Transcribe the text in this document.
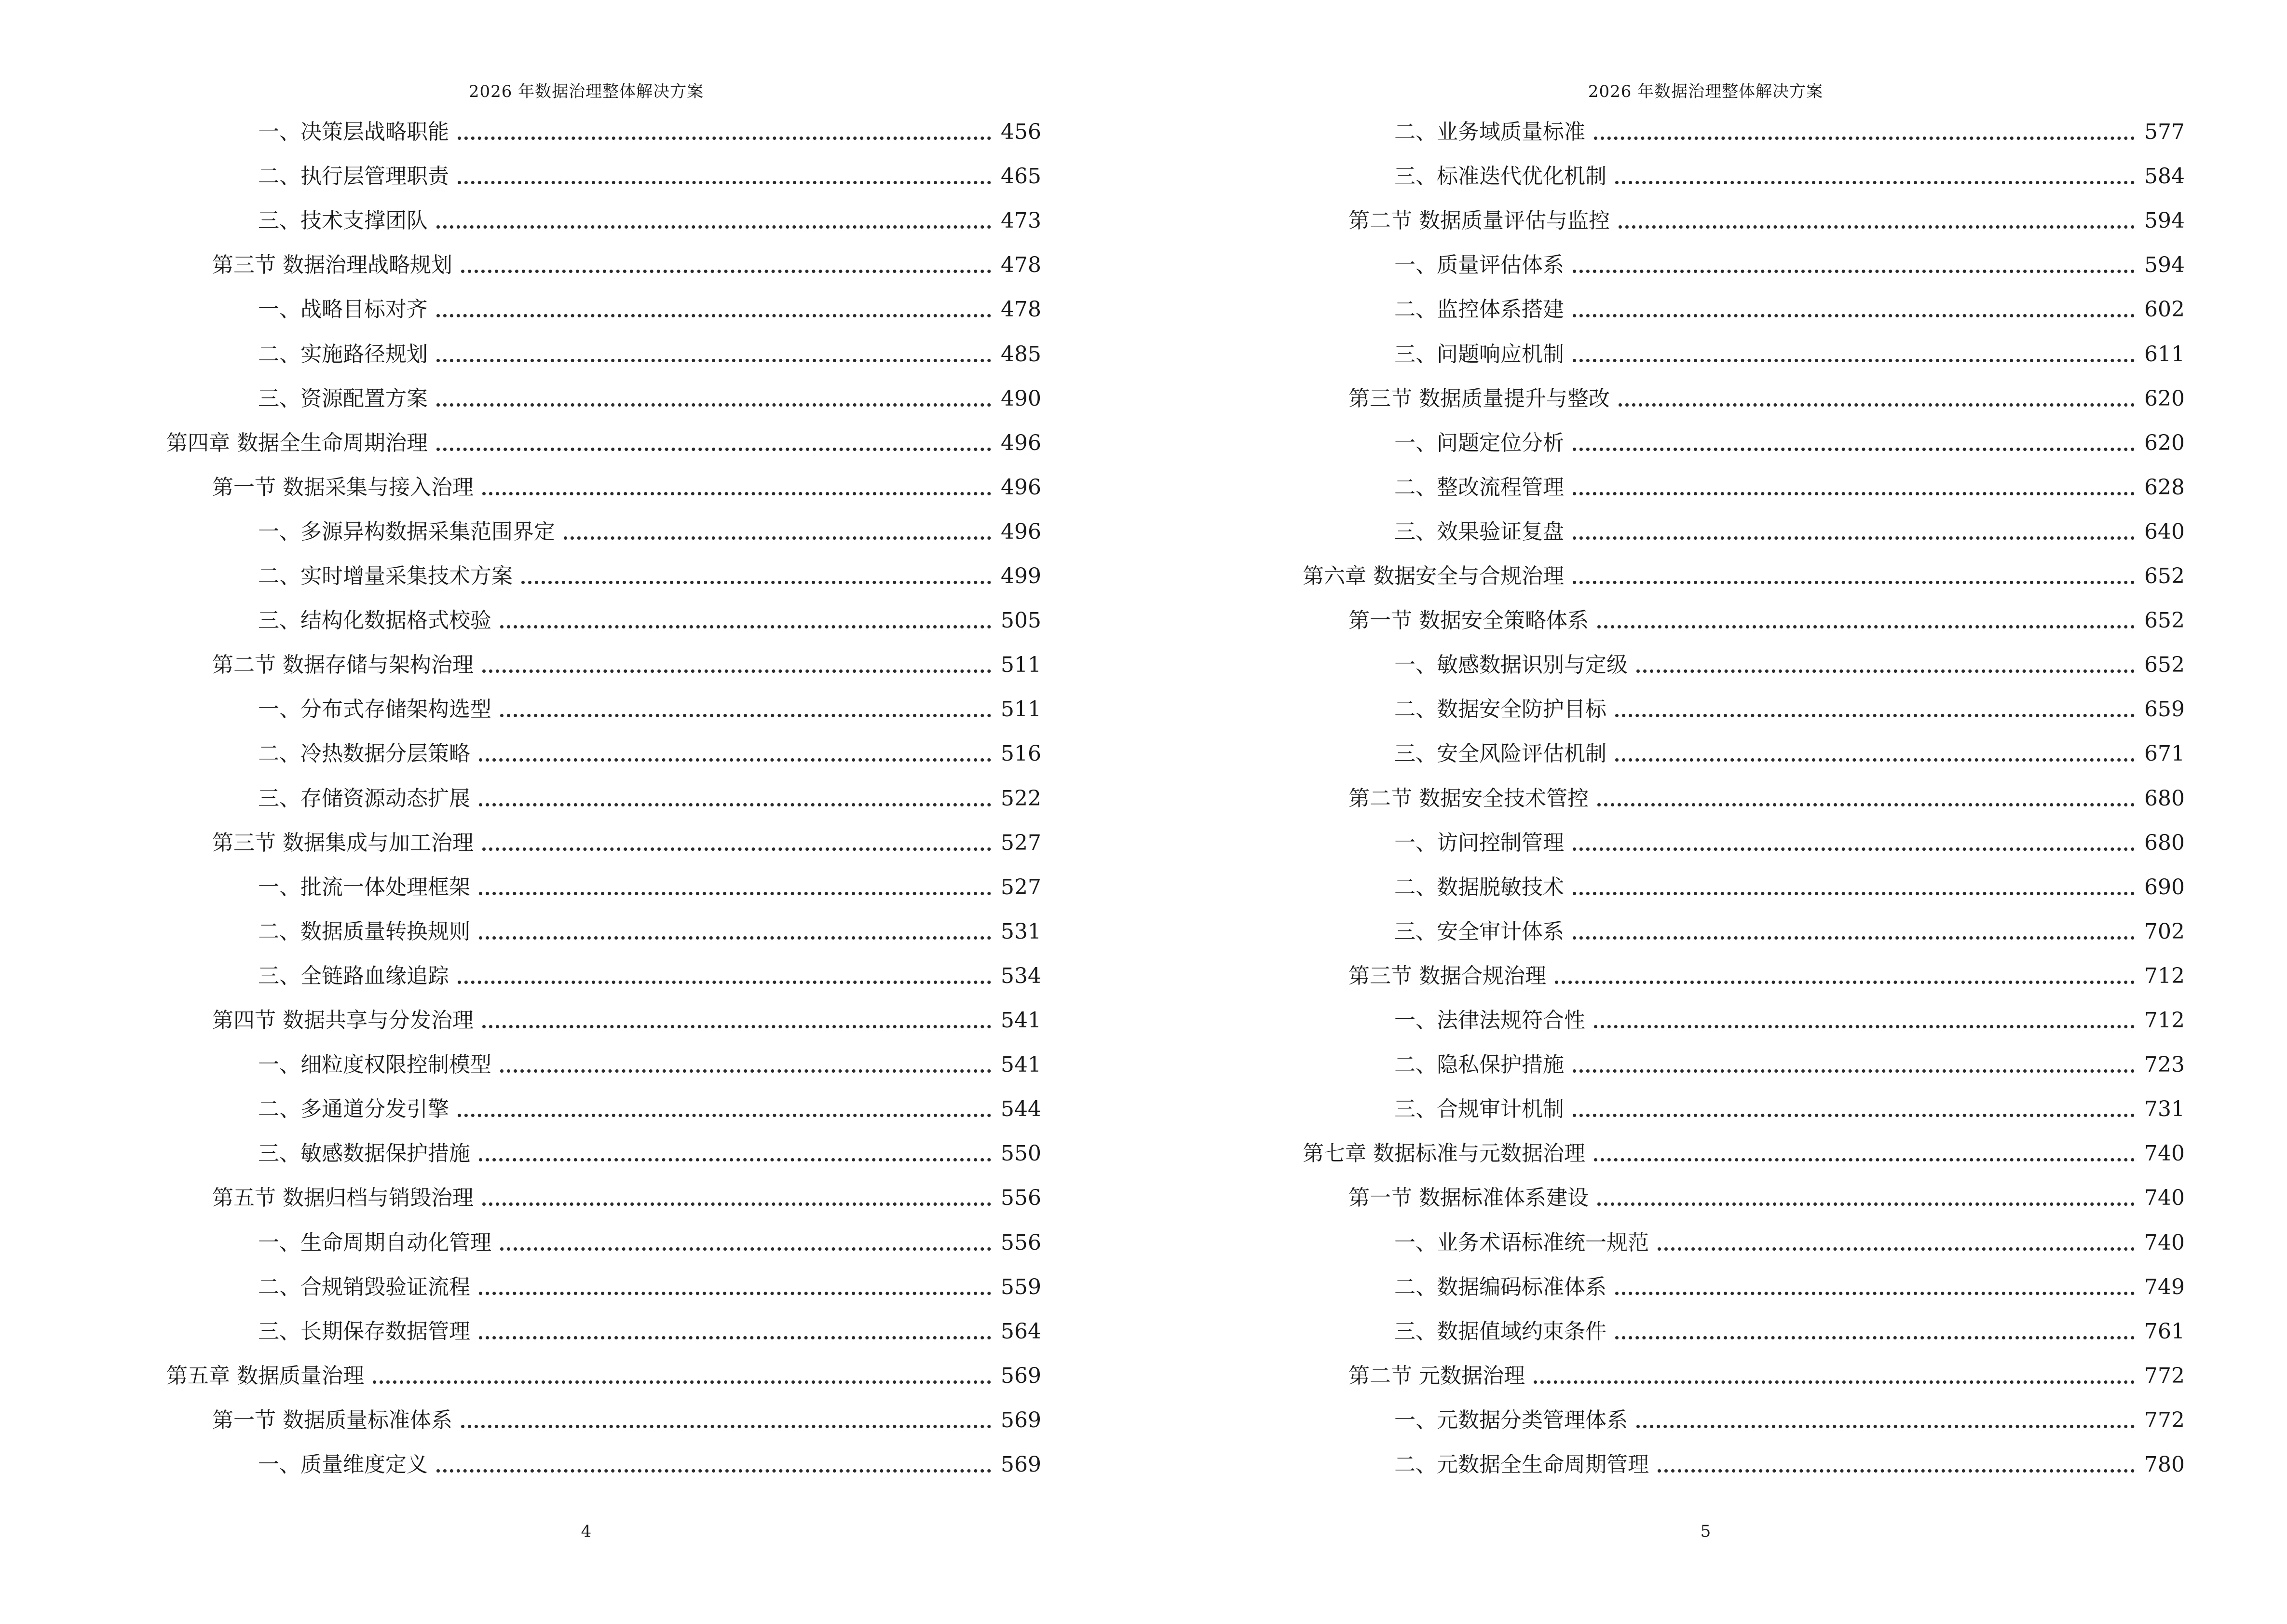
2026 年数据治理整体解决方案
一、决策层战略职能	456
二、执行层管理职责	465
三、技术支撑团队	473
第三节 数据治理战略规划	478
一、战略目标对齐	478
二、实施路径规划	485
三、资源配置方案	490
第四章 数据全生命周期治理	496
第一节 数据采集与接入治理	496
一、多源异构数据采集范围界定	496
二、实时增量采集技术方案	499
三、结构化数据格式校验	505
第二节 数据存储与架构治理	511
一、分布式存储架构选型	511
二、冷热数据分层策略	516
三、存储资源动态扩展	522
第三节 数据集成与加工治理	527
一、批流一体处理框架	527
二、数据质量转换规则	531
三、全链路血缘追踪	534
第四节 数据共享与分发治理	541
一、细粒度权限控制模型	541
二、多通道分发引擎	544
三、敏感数据保护措施	550
第五节 数据归档与销毁治理	556
一、生命周期自动化管理	556
二、合规销毁验证流程	559
三、长期保存数据管理	564
第五章 数据质量治理	569
第一节 数据质量标准体系	569
一、质量维度定义	569
4
2026 年数据治理整体解决方案
二、业务域质量标准	577
三、标准迭代优化机制	584
第二节 数据质量评估与监控	594
一、质量评估体系	594
二、监控体系搭建	602
三、问题响应机制	611
第三节 数据质量提升与整改	620
一、问题定位分析	620
二、整改流程管理	628
三、效果验证复盘	640
第六章 数据安全与合规治理	652
第一节 数据安全策略体系	652
一、敏感数据识别与定级	652
二、数据安全防护目标	659
三、安全风险评估机制	671
第二节 数据安全技术管控	680
一、访问控制管理	680
二、数据脱敏技术	690
三、安全审计体系	702
第三节 数据合规治理	712
一、法律法规符合性	712
二、隐私保护措施	723
三、合规审计机制	731
第七章 数据标准与元数据治理	740
第一节 数据标准体系建设	740
一、业务术语标准统一规范	740
二、数据编码标准体系	749
三、数据值域约束条件	761
第二节 元数据治理	772
一、元数据分类管理体系	772
二、元数据全生命周期管理	780
5
